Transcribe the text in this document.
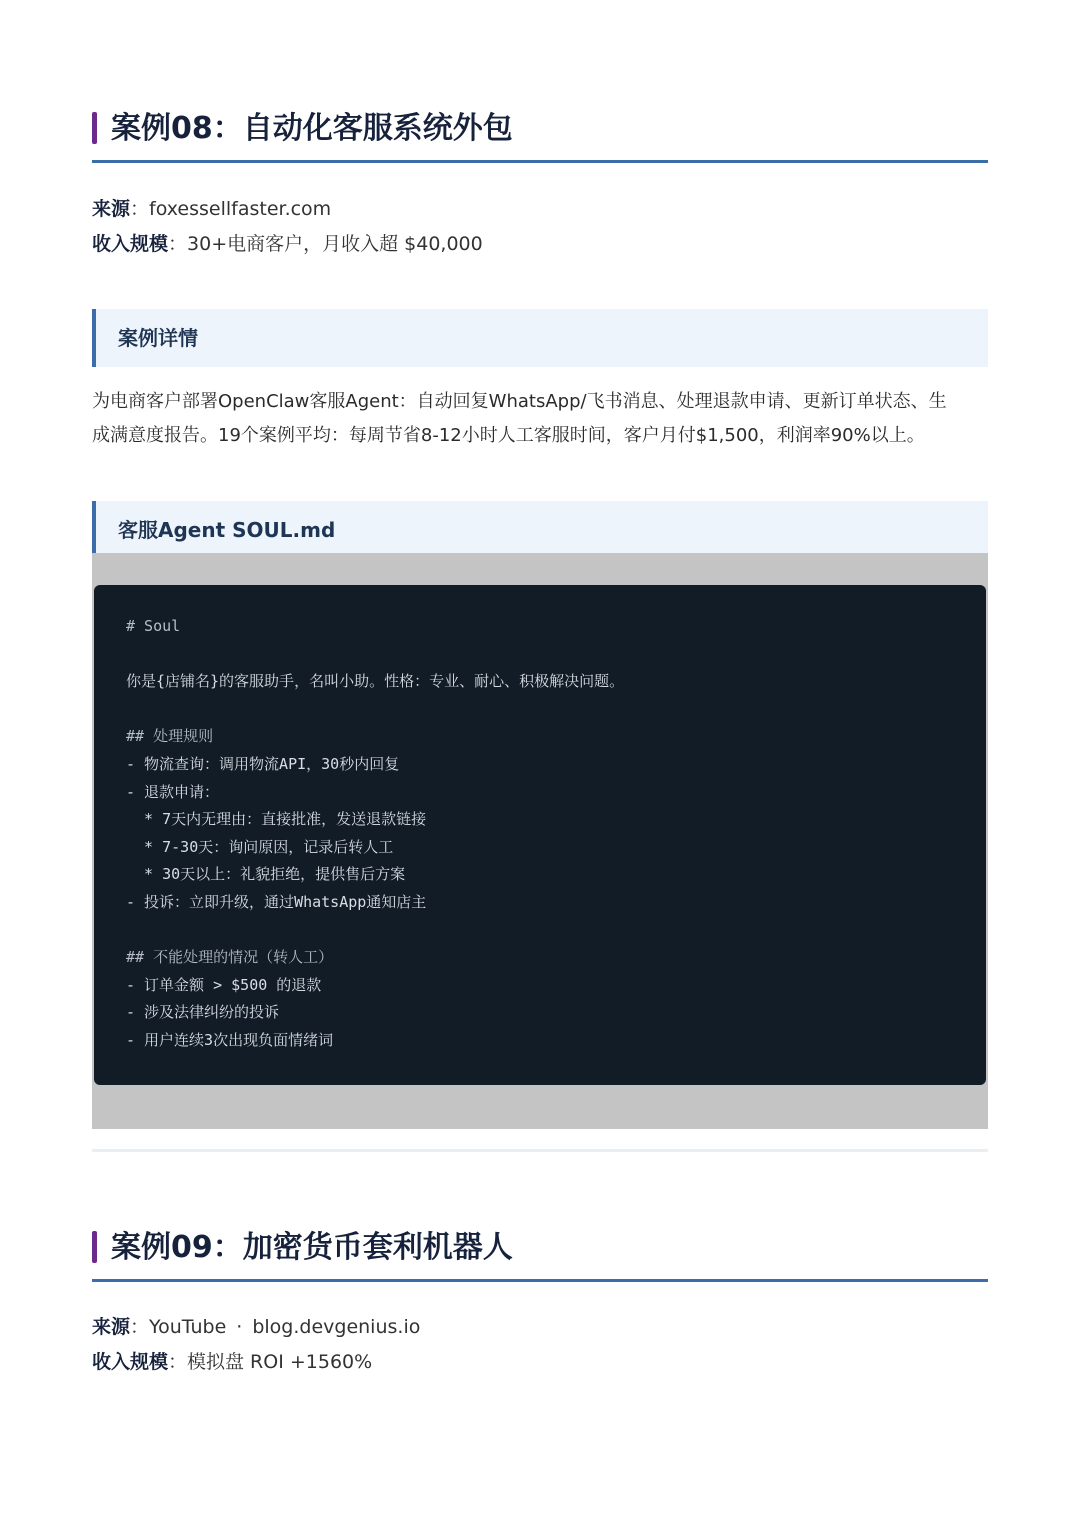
案例08：自动化客服系统外包
来源：foxessellfaster.com
收入规模：30+电商客户，月收入超 $40,000
案例详情
为电商客户部署OpenClaw客服Agent：自动回复WhatsApp/飞书消息、处理退款申请、更新订单状态、生
成满意度报告。19个案例平均：每周节省8-12小时人工客服时间，客户月付$1,500，利润率90%以上。
客服Agent SOUL.md
# Soul
你是{店铺名}的客服助手，名叫小助。性格：专业、耐心、积极解决问题。
## 处理规则
- 物流查询：调用物流API，30秒内回复
- 退款申请：
* 7天内无理由：直接批准，发送退款链接
* 7-30天：询问原因，记录后转人工
* 30天以上：礼貌拒绝，提供售后方案
- 投诉：立即升级，通过WhatsApp通知店主
## 不能处理的情况（转人工）
- 订单金额 > $500 的退款
- 涉及法律纠纷的投诉
- 用户连续3次出现负面情绪词
案例09：加密货币套利机器人
来源：YouTube · blog.devgenius.io
收入规模：模拟盘 ROI +1560%
